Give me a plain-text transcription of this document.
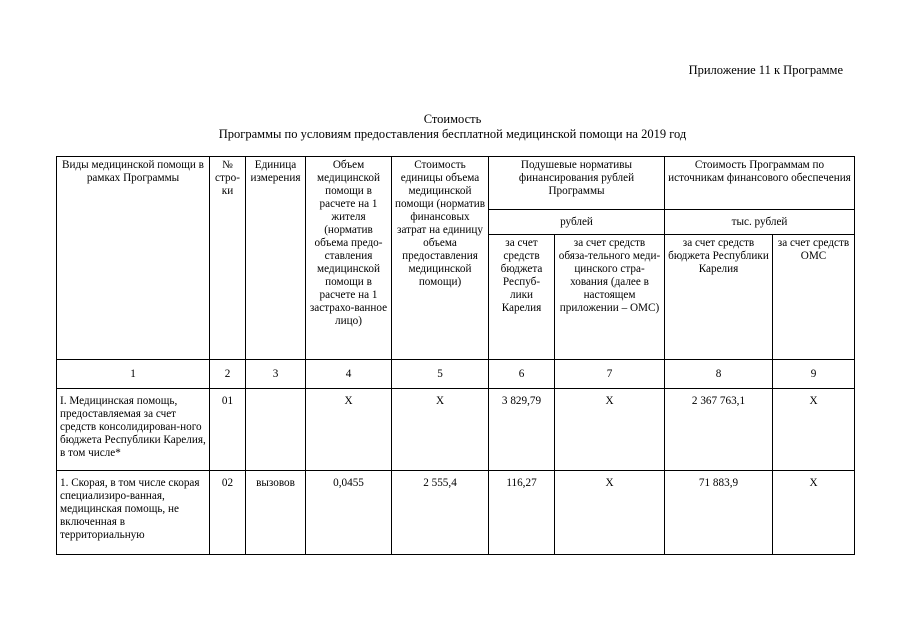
Приложение 11 к Программе
Стоимость
Программы по условиям предоставления бесплатной медицинской помощи на 2019 год
Виды медицинской помощи в рамках Программы	№ стро-ки	Единица измерения	Объем медицинской помощи в расчете на 1 жителя (норматив объема предо-ставления медицинской помощи в расчете на 1 застрахо-ванное лицо)	Стоимость единицы объема медицинской помощи (норматив финансовых затрат на единицу объема предоставления медицинской помощи)	Подушевые нормативы финансирования рублей Программы		Стоимость Программам по источникам финансового обеспечения	
					рублей		тыс. рублей	
					за счет средств бюджета Респуб-лики Карелия	за счет средств обяза-тельного меди-цинского стра-хования (далее в настоящем приложении – ОМС)	за счет средств бюджета Республики Карелия	за счет средств ОМС
1	2	3	4	5	6	7	8	9
I. Медицинская помощь, предоставляемая за счет средств консолидирован-ного бюджета Республики Карелия, в том числе*	01		Х	Х	3 829,79	Х	2 367 763,1	Х
1. Скорая, в том числе скорая специализиро-ванная, медицинская помощь, не включенная в территориальную	02	вызовов	0,0455	2 555,4	116,27	Х	71 883,9	Х
